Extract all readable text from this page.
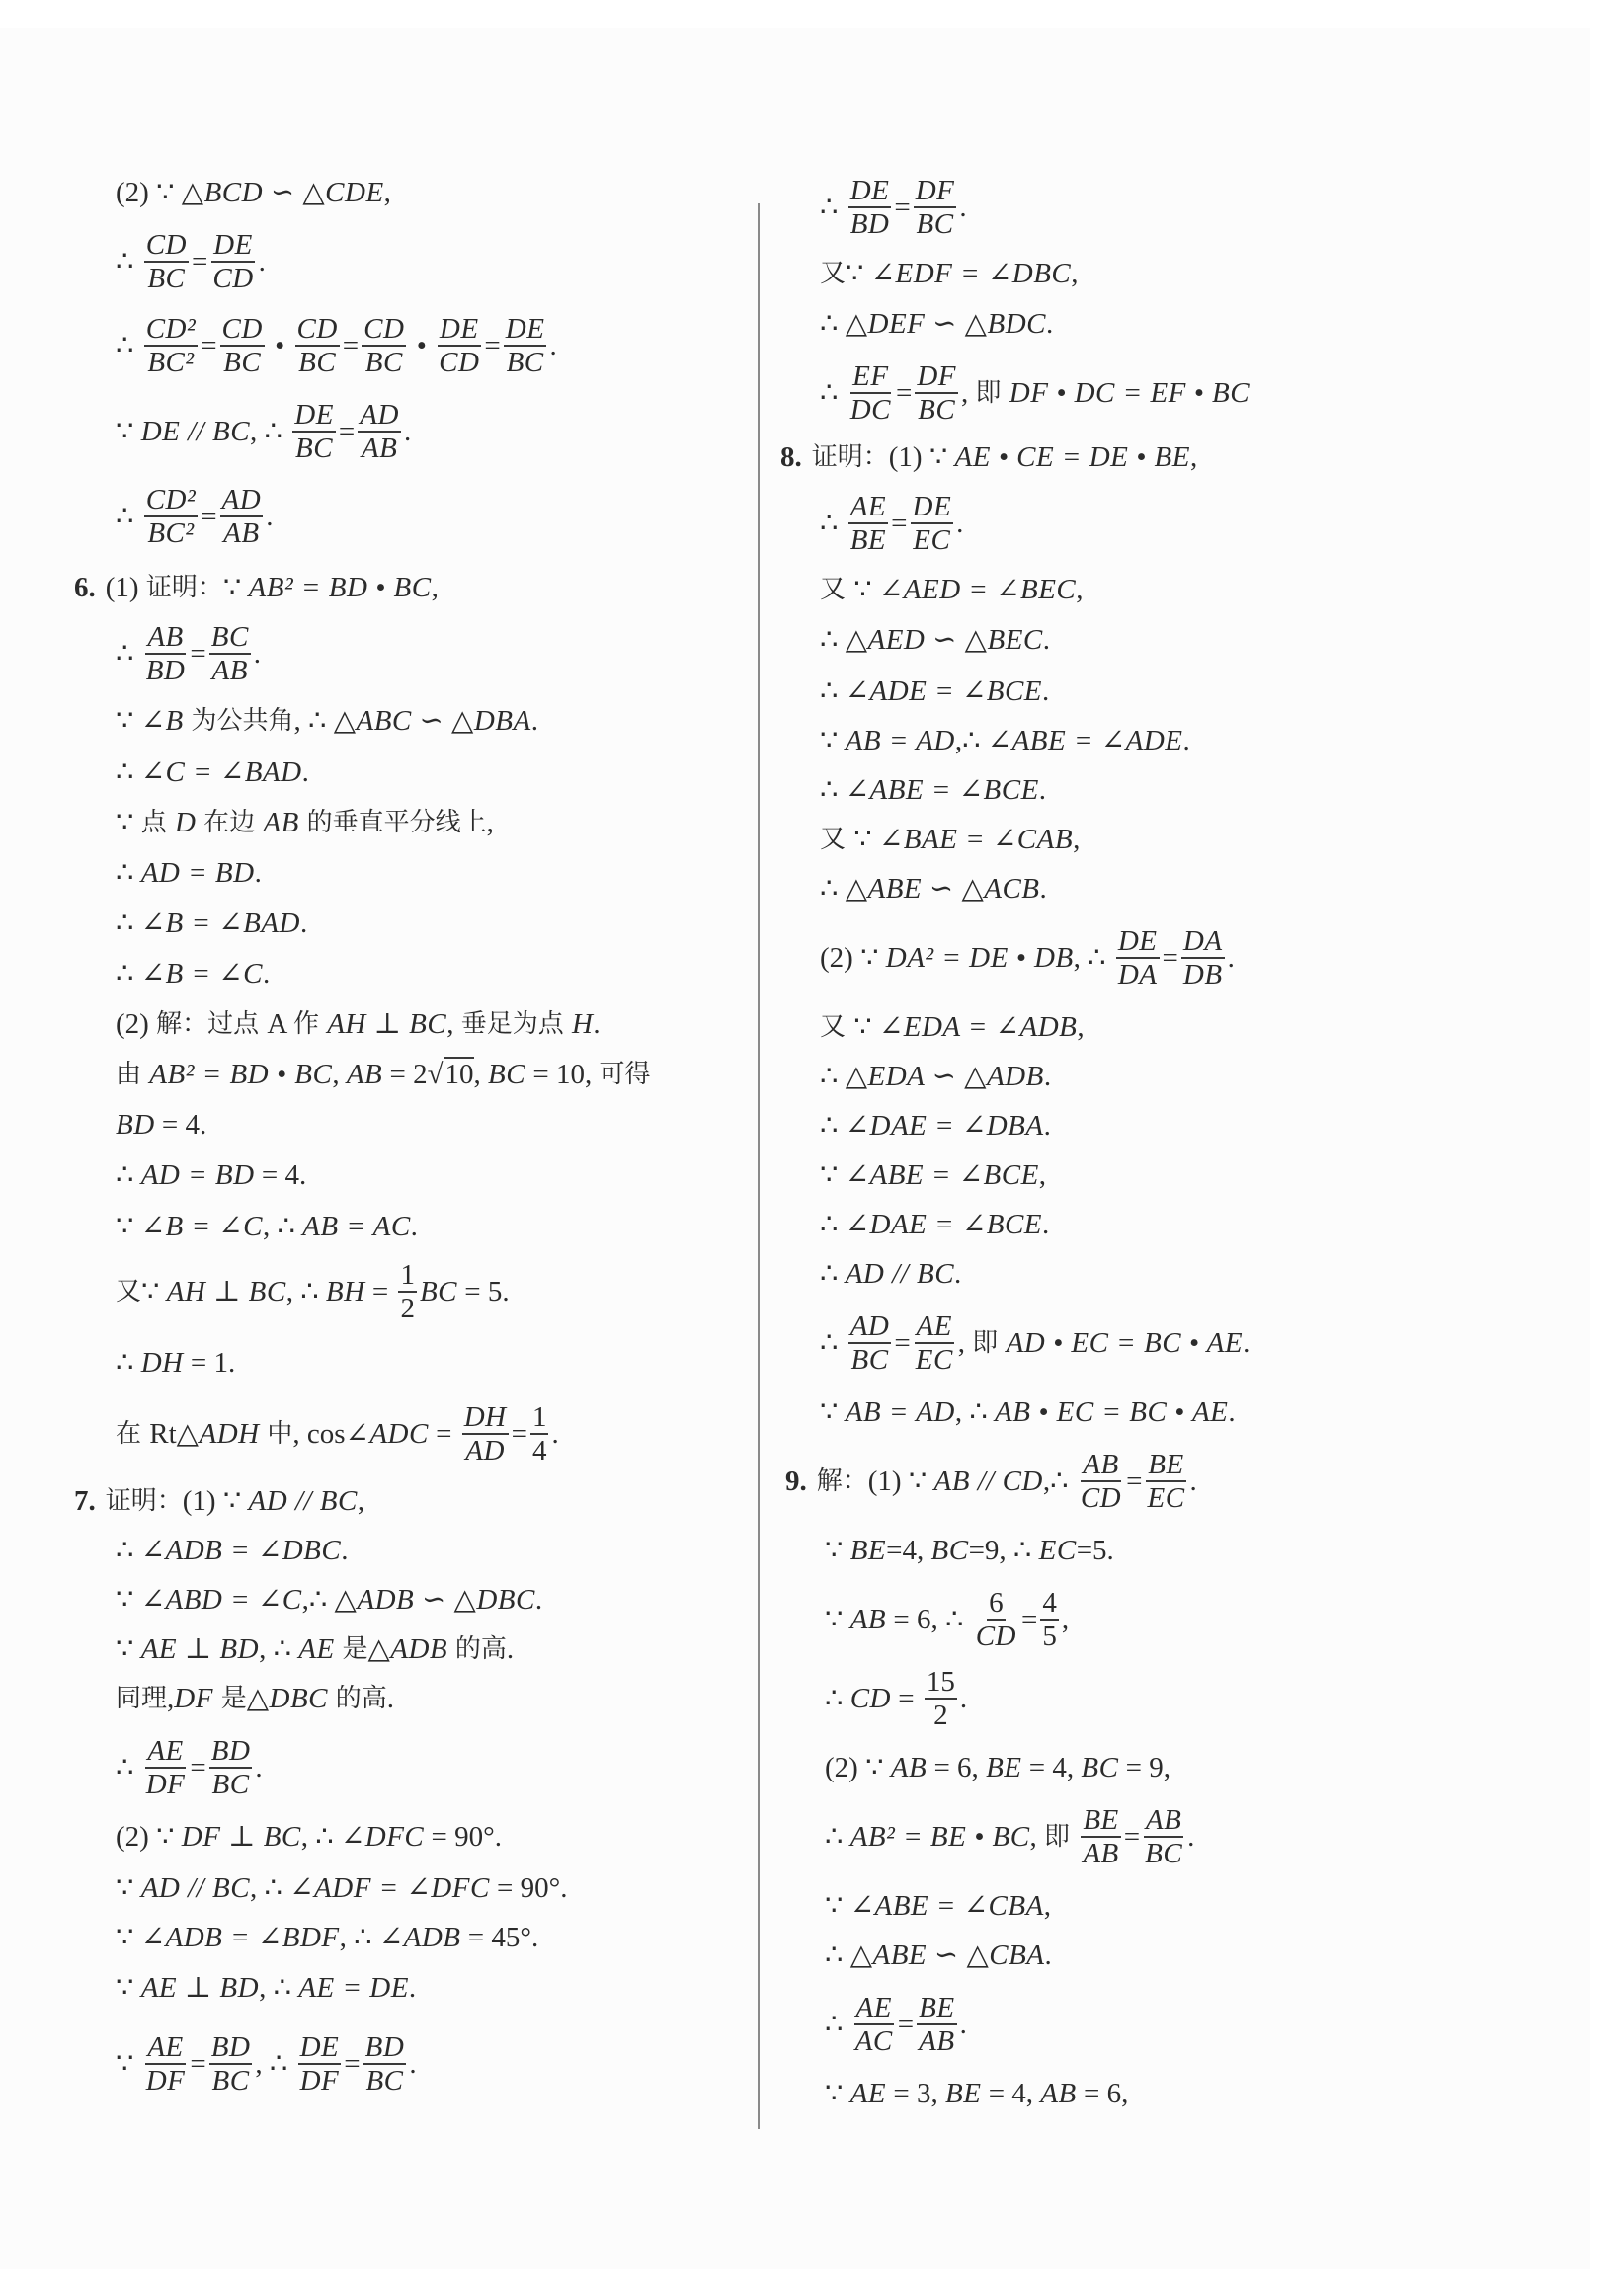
(2) ∵ △BCD ∽ △CDE ,
∴ $\frac{CD}{BC} = \frac{DE}{CD}$ .
∴ $\frac{\text{CD²}}{\text{BC²}} = \frac{CD}{BC}$ • $\frac{CD}{BC} = \frac{CD}{BC}$ • $\frac{DE}{CD} = \frac{DE}{BC}$ .
∵ DE // BC , ∴ $\frac{DE}{BC} = \frac{AD}{AB}$ .
∴ $\frac{\text{CD²}}{\text{BC²}} = \frac{AD}{AB}$ .
6. (1) 证明： ∵ AB² = BD • BC ,
∴ $\frac{AB}{BD} = \frac{BC}{AB}$ .
∵ ∠B 为公共角 , ∴ △ABC ∽ △DBA .
∴ ∠C = ∠BAD .
∵ 点 D 在边 AB 的垂直平分线上 ,
∴ AD = BD .
∴ ∠B = ∠BAD .
∴ ∠B = ∠C .
(2) 解：过点 A 作 AH ⊥ BC , 垂足为点 H .
由 AB² = BD • BC , AB = 2 √10 , BC = 10, 可得
BD = 4.
∴ AD = BD = 4.
∵ ∠B = ∠C , ∴ AB = AC .
又 ∵ AH ⊥ BC , ∴ BH = $\frac{1}{2}$ BC = 5.
∴ DH = 1.
在 Rt △ADH 中 , cos ∠ADC = $\frac{DH}{AD} = \frac{1}{4}$ .
7. 证明： (1) ∵ AD // BC ,
∴ ∠ADB = ∠DBC .
∵ ∠ABD = ∠C ,∴ △ADB ∽ △DBC .
∵ AE ⊥ BD , ∴ AE 是 △ADB 的高 .
同理 , DF 是 △DBC 的高 .
∴ $\frac{AE}{DF} = \frac{BD}{BC}$ .
(2) ∵ DF ⊥ BC , ∴ ∠DFC = 90°.
∵ AD // BC , ∴ ∠ADF = ∠DFC = 90°.
∵ ∠ADB = ∠BDF , ∴ ∠ADB = 45°.
∵ AE ⊥ BD , ∴ AE = DE .
∵ $\frac{AE}{DF} = \frac{BD}{BC}$ , ∴ $\frac{DE}{DF} = \frac{BD}{BC}$ .
∴ $\frac{DE}{BD} = \frac{DF}{BC}$ .
又 ∵ ∠EDF = ∠DBC ,
∴ △DEF ∽ △BDC .
∴ $\frac{EF}{DC} = \frac{DF}{BC}$ , 即 DF • DC = EF • BC
8. 证明： (1) ∵ AE • CE = DE • BE ,
∴ $\frac{AE}{BE} = \frac{DE}{EC}$ .
又 ∵ ∠AED = ∠BEC ,
∴ △AED ∽ △BEC .
∴ ∠ADE = ∠BCE .
∵ AB = AD ,∴ ∠ABE = ∠ADE .
∴ ∠ABE = ∠BCE .
又 ∵ ∠BAE = ∠CAB ,
∴ △ABE ∽ △ACB .
(2) ∵ DA² = DE • DB , ∴ $\frac{DE}{DA} = \frac{DA}{DB}$ .
又 ∵ ∠EDA = ∠ADB ,
∴ △EDA ∽ △ADB .
∴ ∠DAE = ∠DBA .
∵ ∠ABE = ∠BCE ,
∴ ∠DAE = ∠BCE .
∴ AD // BC .
∴ $\frac{AD}{BC} = \frac{AE}{EC}$ , 即 AD • EC = BC • AE .
∵ AB = AD , ∴ AB • EC = BC • AE .
9. 解： (1) ∵ AB // CD ,∴ $\frac{AB}{CD} = \frac{BE}{EC}$ .
∵ BE =4, BC =9, ∴ EC =5.
∵ AB = 6, ∴ $\frac{6}{CD} = \frac{4}{5}$ ,
∴ CD = $\frac{15}{2}$ .
(2) ∵ AB = 6, BE = 4, BC = 9,
∴ AB² = BE • BC , 即 $\frac{BE}{AB} = \frac{AB}{BC}$ .
∵ ∠ABE = ∠CBA ,
∴ △ABE ∽ △CBA .
∴ $\frac{AE}{AC} = \frac{BE}{AB}$ .
∵ AE = 3, BE = 4, AB = 6,
